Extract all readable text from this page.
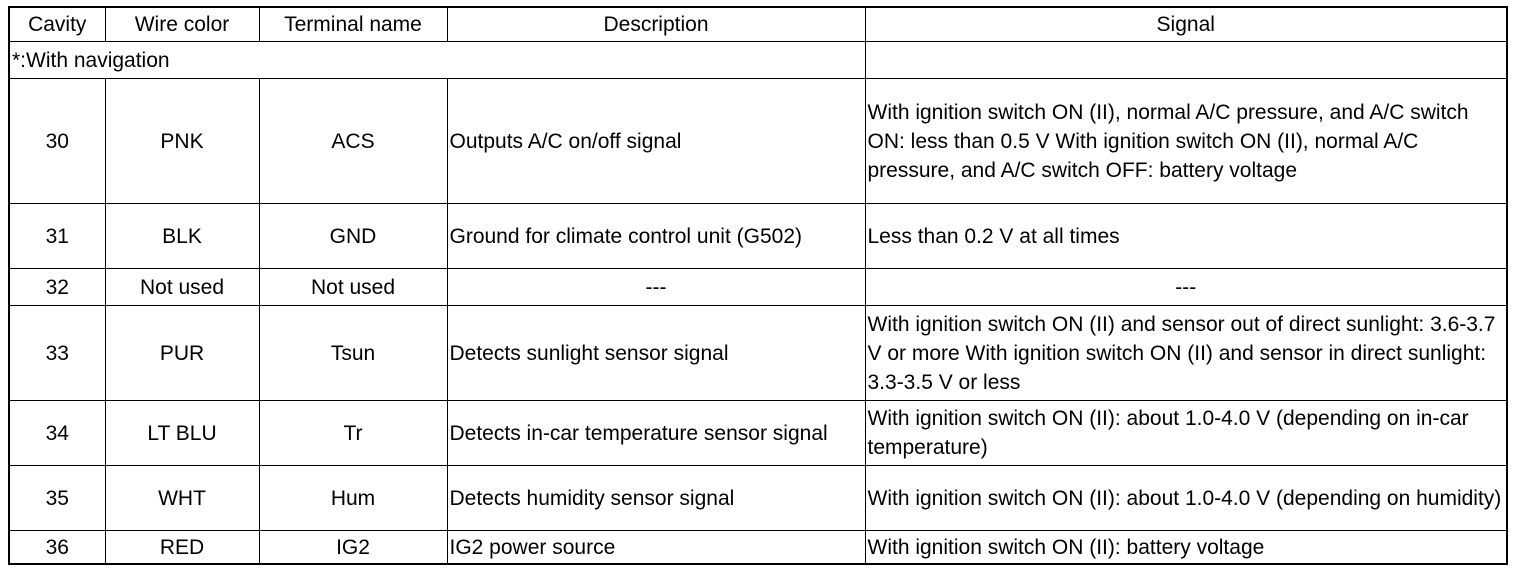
Cavity	Wire color	Terminal name	Description	Signal
*:With navigation				
30	PNK	ACS	Outputs A/C on/off signal	With ignition switch ON (II), normal A/C pressure, and A/C switch ON: less than 0.5 V With ignition switch ON (II), normal A/C pressure, and A/C switch OFF: battery voltage
31	BLK	GND	Ground for climate control unit (G502)	Less than 0.2 V at all times
32	Not used	Not used	---	---
33	PUR	Tsun	Detects sunlight sensor signal	With ignition switch ON (II) and sensor out of direct sunlight: 3.6-3.7 V or more With ignition switch ON (II) and sensor in direct sunlight: 3.3-3.5 V or less
34	LT BLU	Tr	Detects in-car temperature sensor signal	With ignition switch ON (II): about 1.0-4.0 V (depending on in-car temperature)
35	WHT	Hum	Detects humidity sensor signal	With ignition switch ON (II): about 1.0-4.0 V (depending on humidity)
36	RED	IG2	IG2 power source	With ignition switch ON (II): battery voltage
